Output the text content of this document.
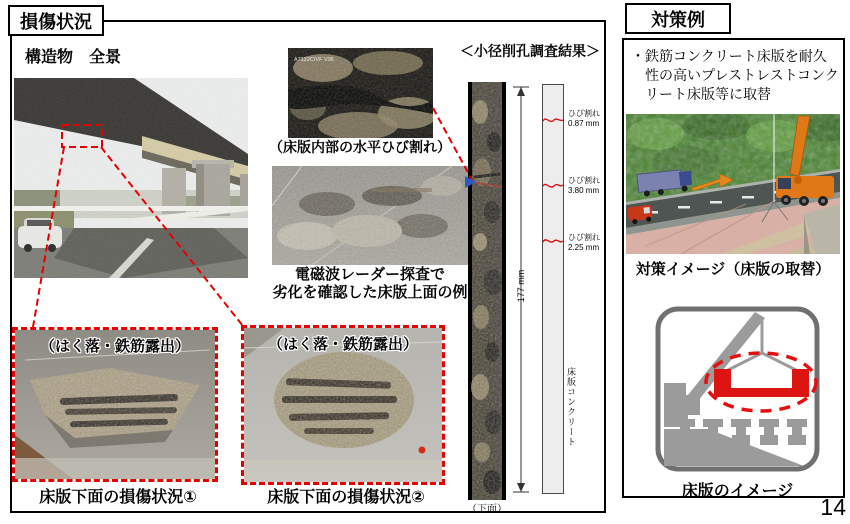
損傷状況
構造物　全景	A7122C/VF V36
（床版内部の水平ひび割れ）
電磁波レーダー探査で
劣化を確認した床版上面の例
（はく落・鉄筋露出）
床版下面の損傷状況①
（はく落・鉄筋露出）
床版下面の損傷状況②
＜小径削孔調査結果＞
（下面）
177 mm
床版コンクリート
ひび割れ
0.87 mm
ひび割れ
3.80 mm
ひび割れ
2.25 mm
対策例
・鉄筋コンクリート床版を耐久
性の高いプレストレストコンク
リート床版等に取替
対策イメージ（床版の取替）
床版のイメージ
14
